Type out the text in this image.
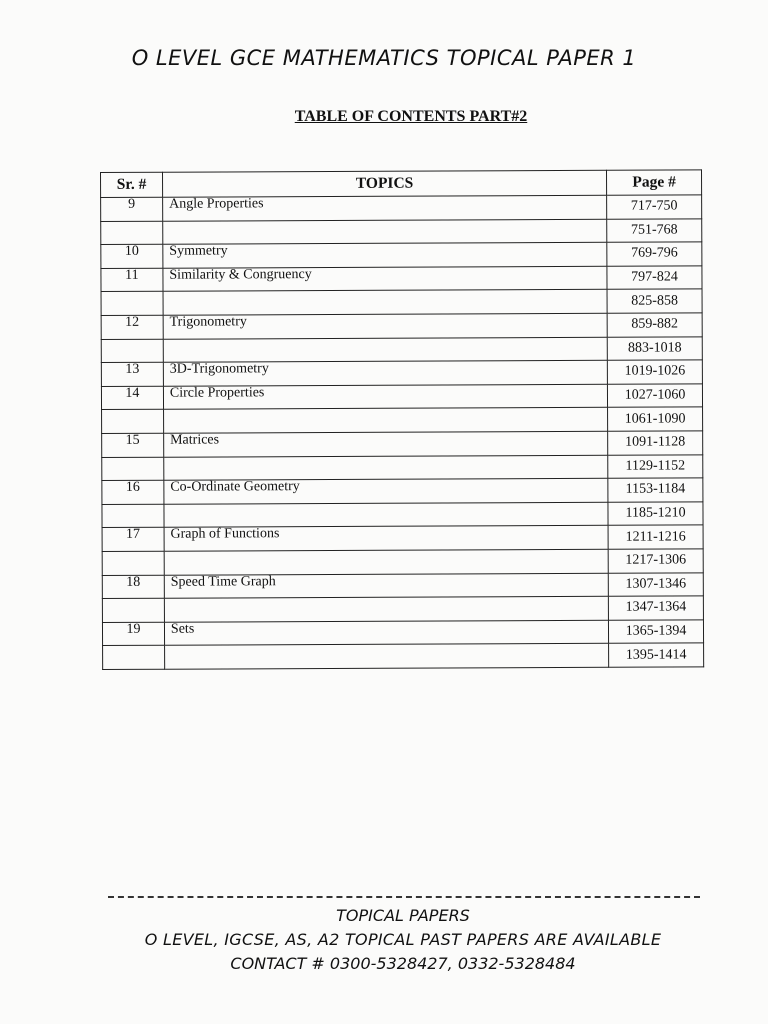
O LEVEL GCE MATHEMATICS TOPICAL PAPER 1
TABLE OF CONTENTS PART#2
Sr. #	TOPICS	Page #
9	Angle Properties	717-750
		751-768
10	Symmetry	769-796
11	Similarity & Congruency	797-824
		825-858
12	Trigonometry	859-882
		883-1018
13	3D-Trigonometry	1019-1026
14	Circle Properties	1027-1060
		1061-1090
15	Matrices	1091-1128
		1129-1152
16	Co-Ordinate Geometry	1153-1184
		1185-1210
17	Graph of Functions	1211-1216
		1217-1306
18	Speed Time Graph	1307-1346
		1347-1364
19	Sets	1365-1394
		1395-1414
TOPICAL PAPERS
O LEVEL, IGCSE, AS, A2 TOPICAL PAST PAPERS ARE AVAILABLE
CONTACT # 0300-5328427, 0332-5328484
